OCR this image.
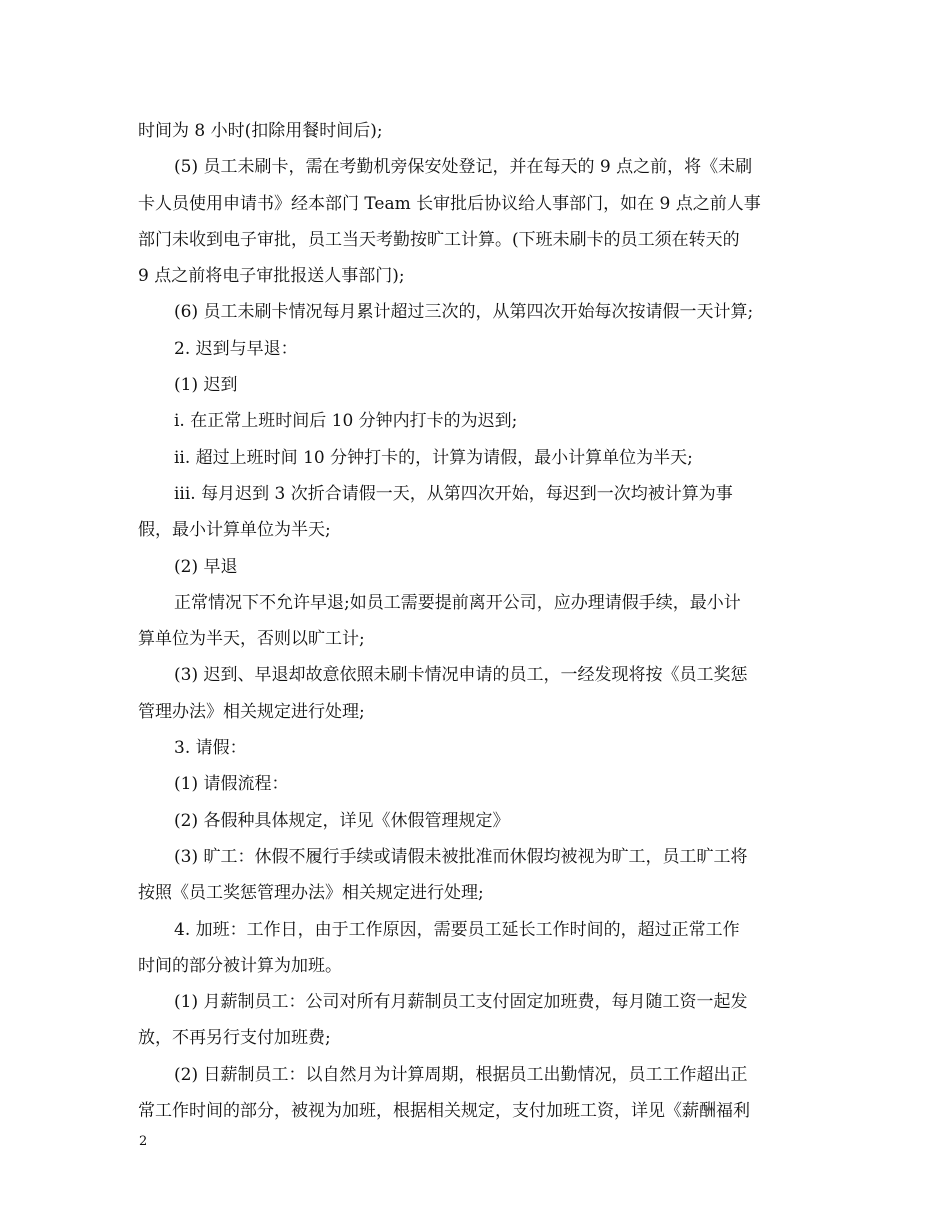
时间为 8 小时(扣除用餐时间后);
(5) 员工未刷卡，需在考勤机旁保安处登记，并在每天的 9 点之前，将《未刷
卡人员使用申请书》经本部门 Team 长审批后协议给人事部门，如在 9 点之前人事
部门未收到电子审批，员工当天考勤按旷工计算。(下班未刷卡的员工须在转天的
9 点之前将电子审批报送人事部门);
(6) 员工未刷卡情况每月累计超过三次的，从第四次开始每次按请假一天计算;
2. 迟到与早退：
(1) 迟到
i. 在正常上班时间后 10 分钟内打卡的为迟到;
ii. 超过上班时间 10 分钟打卡的，计算为请假，最小计算单位为半天;
iii. 每月迟到 3 次折合请假一天，从第四次开始，每迟到一次均被计算为事
假，最小计算单位为半天;
(2) 早退
正常情况下不允许早退;如员工需要提前离开公司，应办理请假手续，最小计
算单位为半天，否则以旷工计;
(3) 迟到、早退却故意依照未刷卡情况申请的员工，一经发现将按《员工奖惩
管理办法》相关规定进行处理;
3. 请假：
(1) 请假流程：
(2) 各假种具体规定，详见《休假管理规定》
(3) 旷工：休假不履行手续或请假未被批准而休假均被视为旷工，员工旷工将
按照《员工奖惩管理办法》相关规定进行处理;
4. 加班：工作日，由于工作原因，需要员工延长工作时间的，超过正常工作
时间的部分被计算为加班。
(1) 月薪制员工：公司对所有月薪制员工支付固定加班费，每月随工资一起发
放，不再另行支付加班费;
(2) 日薪制员工：以自然月为计算周期，根据员工出勤情况，员工工作超出正
常工作时间的部分，被视为加班，根据相关规定，支付加班工资，详见《薪酬福利
2
